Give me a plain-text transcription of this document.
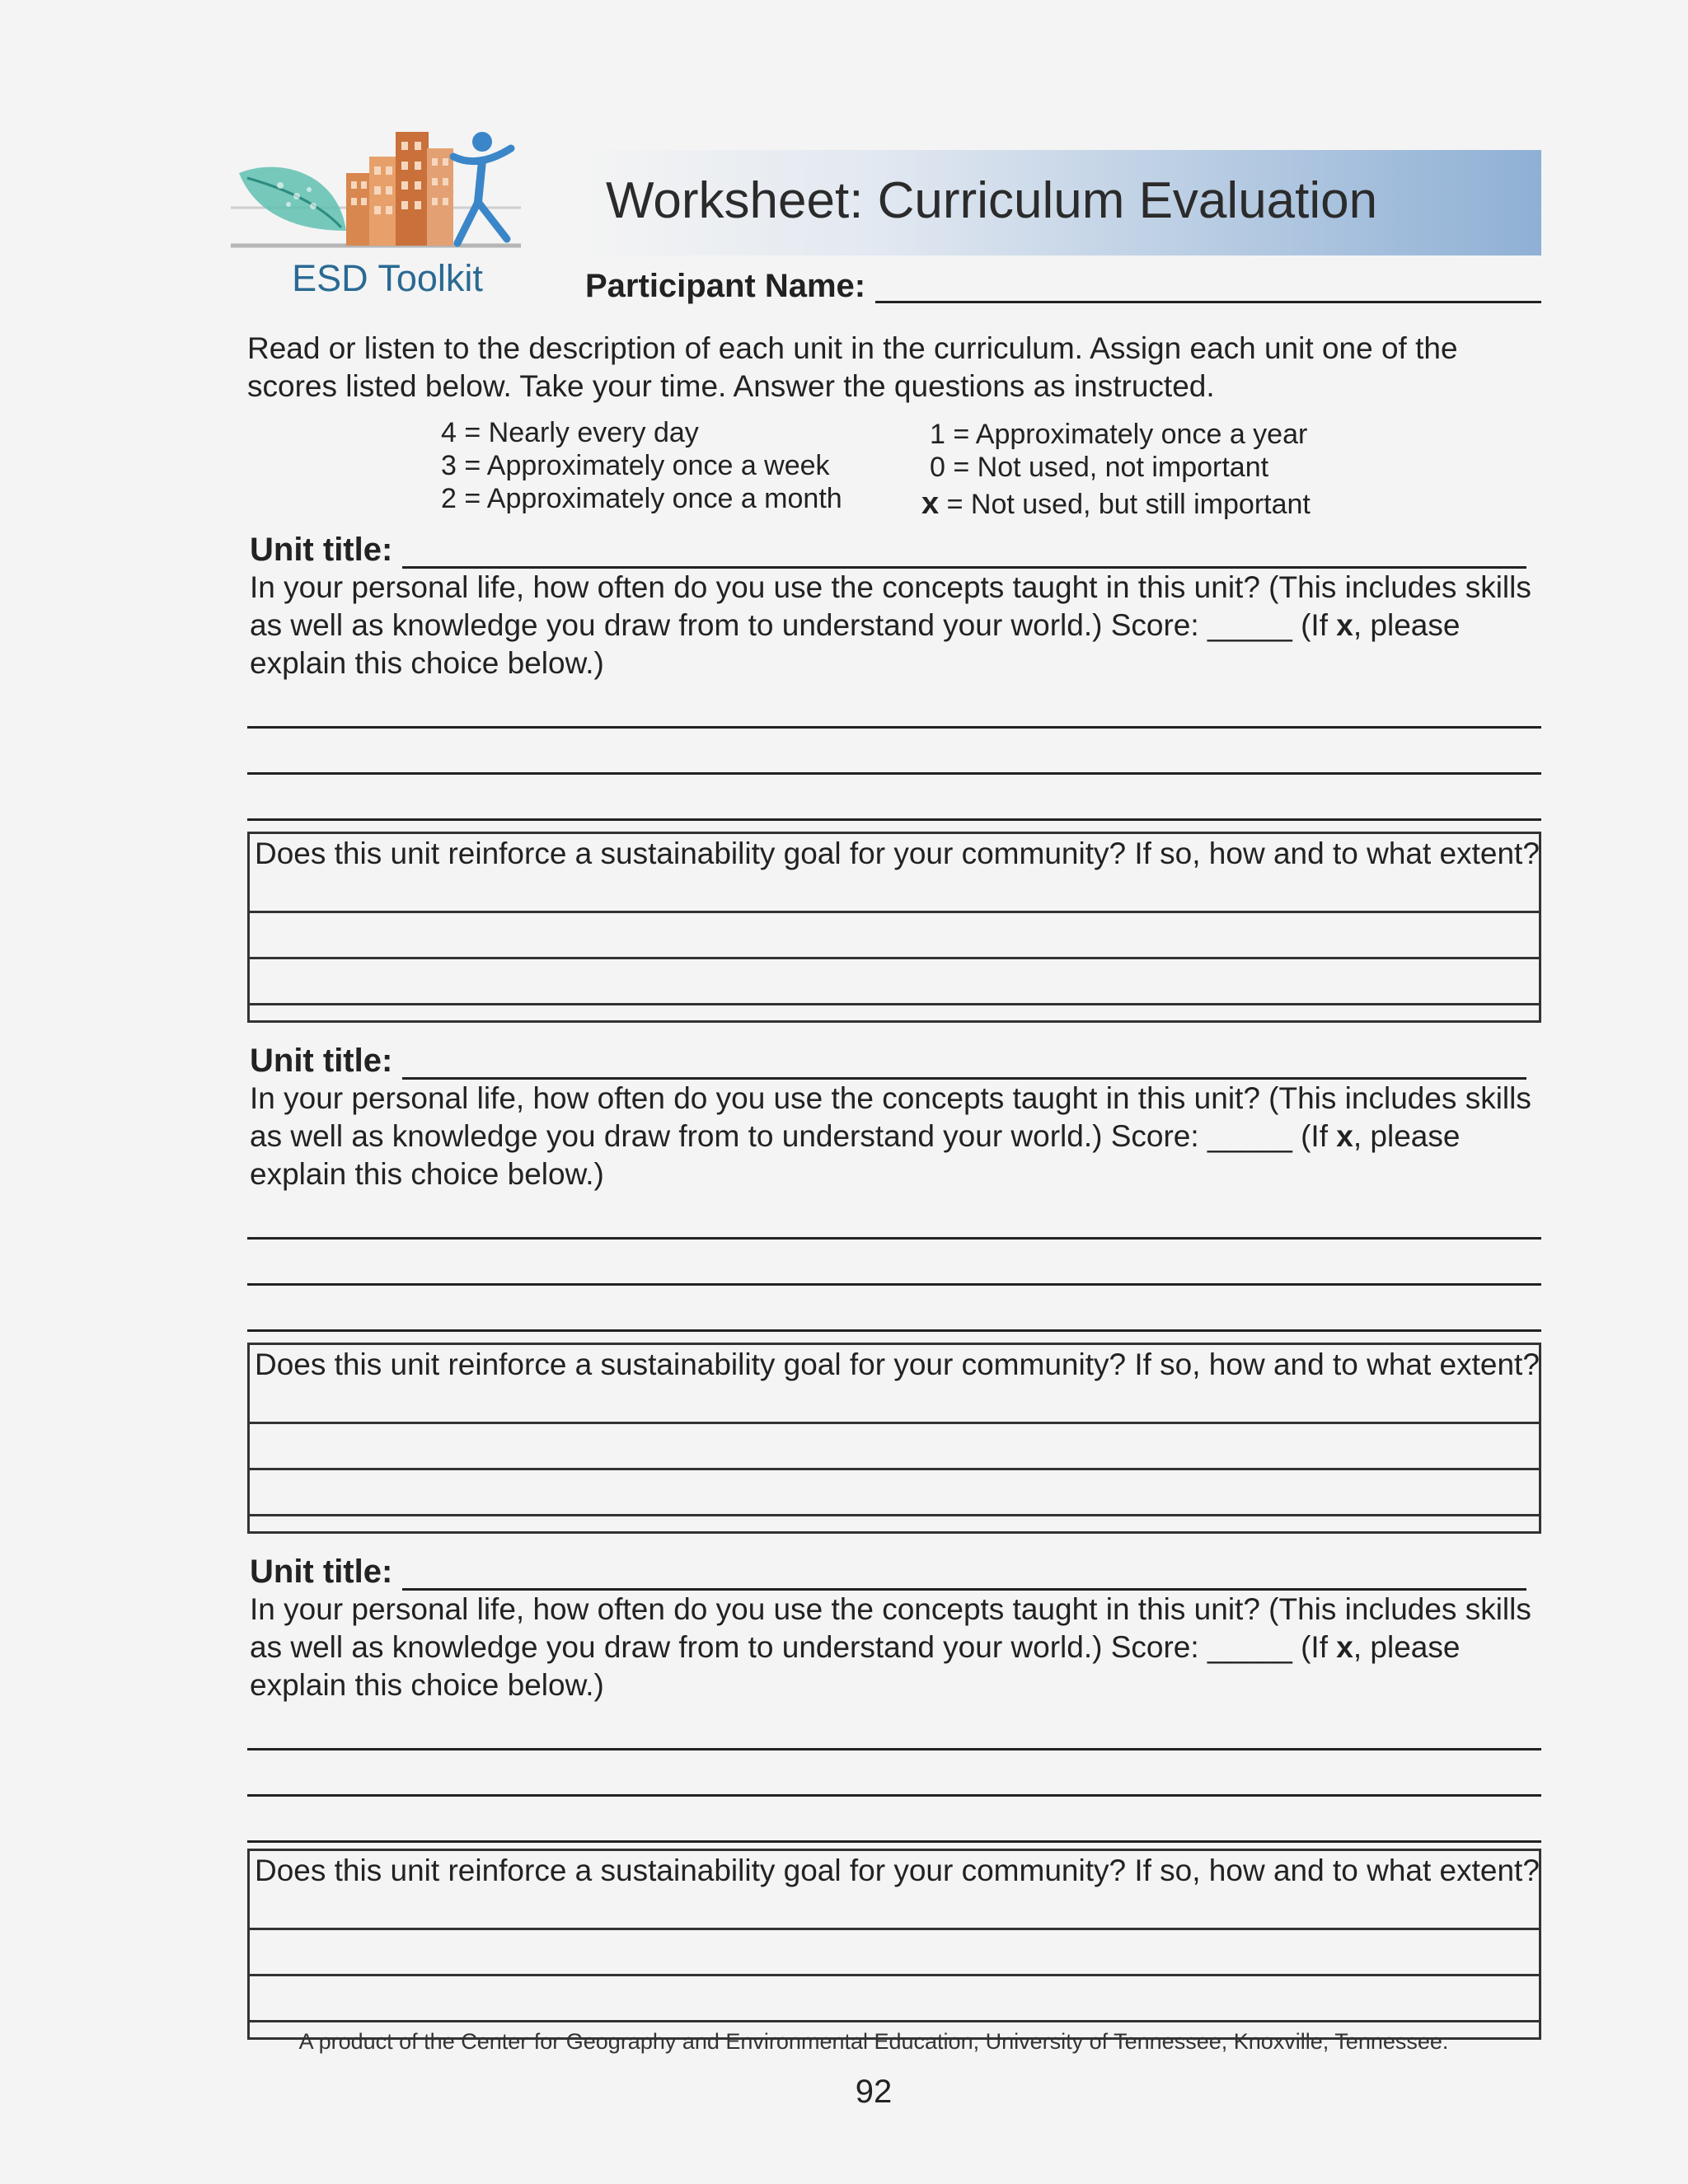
ESD Toolkit
Worksheet: Curriculum Evaluation
Participant Name:
Read or listen to the description of each unit in the curriculum. Assign each unit one of the scores listed below. Take your time. Answer the questions as instructed.
4 = Nearly every day
3 = Approximately once a week
2 = Approximately once a month
1 = Approximately once a year
0 = Not used, not important
x = Not used, but still important
Unit title:
In your personal life, how often do you use the concepts taught in this unit? (This includes skills as well as knowledge you draw from to understand your world.) Score: _____ (If x, please explain this choice below.)
Does this unit reinforce a sustainability goal for your community? If so, how and to what extent?
Unit title:
In your personal life, how often do you use the concepts taught in this unit? (This includes skills as well as knowledge you draw from to understand your world.) Score: _____ (If x, please explain this choice below.)
Does this unit reinforce a sustainability goal for your community? If so, how and to what extent?
Unit title:
In your personal life, how often do you use the concepts taught in this unit? (This includes skills as well as knowledge you draw from to understand your world.) Score: _____ (If x, please explain this choice below.)
Does this unit reinforce a sustainability goal for your community? If so, how and to what extent?
A product of the Center for Geography and Environmental Education, University of Tennessee, Knoxville, Tennessee.
92
